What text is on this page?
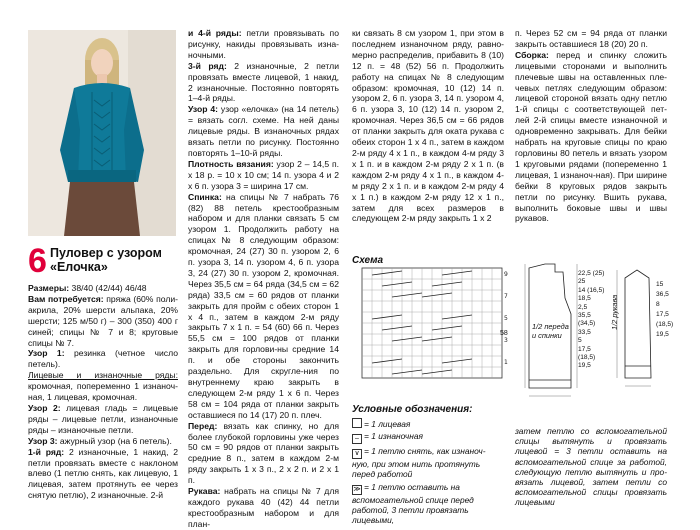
6 Пуловер с узором
«Елочка»

Размеры: 38/40 (42/44) 46/48

Вам потребуется: пряжа (60% поли-акрила, 20% шерсти альпака, 20% шерсти; 125 м/50 г) – 300 (350) 400 г синей; спицы № 7 и 8; круговые спицы № 7.

Узор 1: резинка (четное число петель).

Лицевые и изнаночные ряды: кромочная, попеременно 1 изнаноч-ная, 1 лицевая, кромочная.

Узор 2: лицевая гладь = лицевые ряды – лицевые петли, изнаночные ряды – изнаночные петли.

Узор 3: ажурный узор (на 6 петель).

1-й ряд: 2 изнаночные, 1 накид, 2 петли провязать вместе с наклоном влево (1 петлю снять, как лицевую, 1 лицевая, затем протянуть ее через снятую петлю), 2 изнаночные. 2-й

и 4-й ряды: петли провязывать по рисунку, накиды провязывать изна-ночными.

3-й ряд: 2 изнаночные, 2 петли провязать вместе лицевой, 1 накид, 2 изнаночные. Постоянно повторять 1–4-й ряды.

Узор 4: узор «елочка» (на 14 петель) = вязать согл. схеме. На ней даны лицевые ряды. В изнаночных рядах вязать петли по рисунку. Постоянно повторять 1–10-й ряды.

Плотность вязания: узор 2 – 14,5 п. х 18 р. = 10 х 10 см; 14 п. узора 4 и 2 х 6 п. узора 3 = ширина 17 см.

Спинка: на спицы № 7 набрать 76 (82) 88 петель крестообразным набором и для планки связать 5 см узором 1. Продолжить работу на спицах № 8 следующим образом: кромочная, 24 (27) 30 п. узором 2, 6 п. узора 3, 14 п. узором 4, 6 п. узора 3, 24 (27) 30 п. узором 2, кромочная. Через 35,5 см = 64 ряда (34,5 см = 62 ряда) 33,5 см = 60 рядов от планки закрыть для пройм с обеих сторон 1 х 4 п., затем в каждом 2-м ряду закрыть 7 х 1 п. = 54 (60) 66 п. Через 55,5 см = 100 рядов от планки закрыть для горлови-ны средние 14 п. и обе стороны закончить раздельно. Для скругле-ния по внутреннему краю закрыть в следующем 2-м ряду 1 х 6 п. Через 58 см = 104 ряда от планки закрыть оставшиеся по 14 (17) 20 п. плеч.

Перед: вязать как спинку, но для более глубокой горловины уже через 50 см = 90 рядов от планки закрыть средние 8 п., затем в каждом 2-м ряду закрыть 1 х 3 п., 2 х 2 п. и 2 х 1 п.

Рукава: набрать на спицы № 7 для каждого рукава 40 (42) 44 петли крестообразным набором и для план-

ки связать 8 см узором 1, при этом в последнем изнаночном ряду, равно-мерно распределив, прибавить 8 (10) 12 п. = 48 (52) 56 п. Продолжить работу на спицах № 8 следующим образом: кромочная, 10 (12) 14 п. узором 2, 6 п. узора 3, 14 п. узором 4, 6 п. узора 3, 10 (12) 14 п. узором 2, кромочная. Через 36,5 см = 66 рядов от планки закрыть для окатa рукава с обеих сторон 1 х 4 п., затем в каждом 2-м ряду 4 х 1 п., в каждом 4-м ряду 3 х 1 п. и в каждом 2-м ряду 2 х 1 п. (в каждом 2-м ряду 4 х 1 п., в каждом 4-м ряду 2 х 1 п. и в каждом 2-м ряду 4 х 1 п.) в каждом 2-м ряду 12 х 1 п., затем для всех размеров в следующем 2-м ряду закрыть 1 х 2

п. Через 52 см = 94 ряда от планки закрыть оставшиеся 18 (20) 20 п.

Сборка: перед и спинку сложить лицевыми сторонами и выполнить плечевые швы на оставленных пле-чевых петлях следующим образом: лицевой стороной вязать одну петлю 1-й спицы с соответствующей пет-лей 2-й спицы вместе изнаночной и одновременно закрывать. Для бейки набрать на круговые спицы по краю горловины 80 петель и вязать узором 1 круговыми рядами (попеременно 1 лицевая, 1 изнаноч-ная). При ширине бейки 8 круговых рядов закрыть петли по рисунку. Вшить рукава, выполнить боковые швы и швы рукавов.

Схема
9
7
5
3
1
1/2 переда и спинки
1/2 рукава
58
22,5 (25) 25
14 (16,5) 18,5
2,5
35,5 (34,5) 33,5
5
17,5 (18,5) 19,5
15
36,5
8
17,5 (18,5) 19,5
Условные обозначения:
= 1 лицевая
– = 1 изнаночная
∨ = 1 петлю снять, как изнаноч-ную, при этом нить протянуть перед работой
≫ = 1 петлю оставить на вспомогательной спице перед работой, 3 петли провязать лицевыми,
затем петлю со вспомогательной спицы вытянуть и провязать лицевой = 3 петли оставить на вспомогательной спице за работой, следующую петлю вытянуть и про-вязать лицевой, затем петли со вспомогательной спицы провязать лицевыми
